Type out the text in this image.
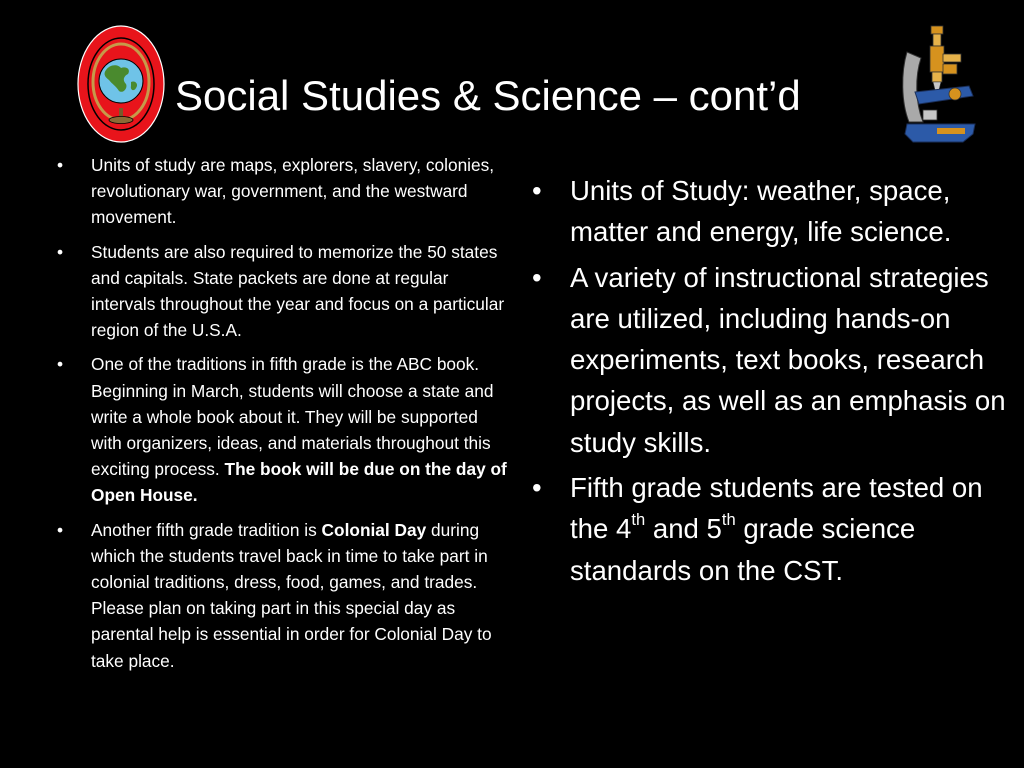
Social Studies & Science – cont’d
• Units of study are maps, explorers, slavery, colonies, revolutionary war, government, and the westward movement.
• Students are also required to memorize the 50 states and capitals. State packets are done at regular intervals throughout the year and focus on a particular region of the U.S.A.
• One of the traditions in fifth grade is the ABC book. Beginning in March, students will choose a state and write a whole book about it. They will be supported with organizers, ideas, and materials throughout this exciting process. The book will be due on the day of Open House.
• Another fifth grade tradition is Colonial Day during which the students travel back in time to take part in colonial traditions, dress, food, games, and trades. Please plan on taking part in this special day as parental help is essential in order for Colonial Day to take place.
• Units of Study: weather, space, matter and energy, life science.
• A variety of instructional strategies are utilized, including hands-on experiments, text books, research projects, as well as an emphasis on study skills.
• Fifth grade students are tested on the 4th and 5th grade science standards on the CST.
